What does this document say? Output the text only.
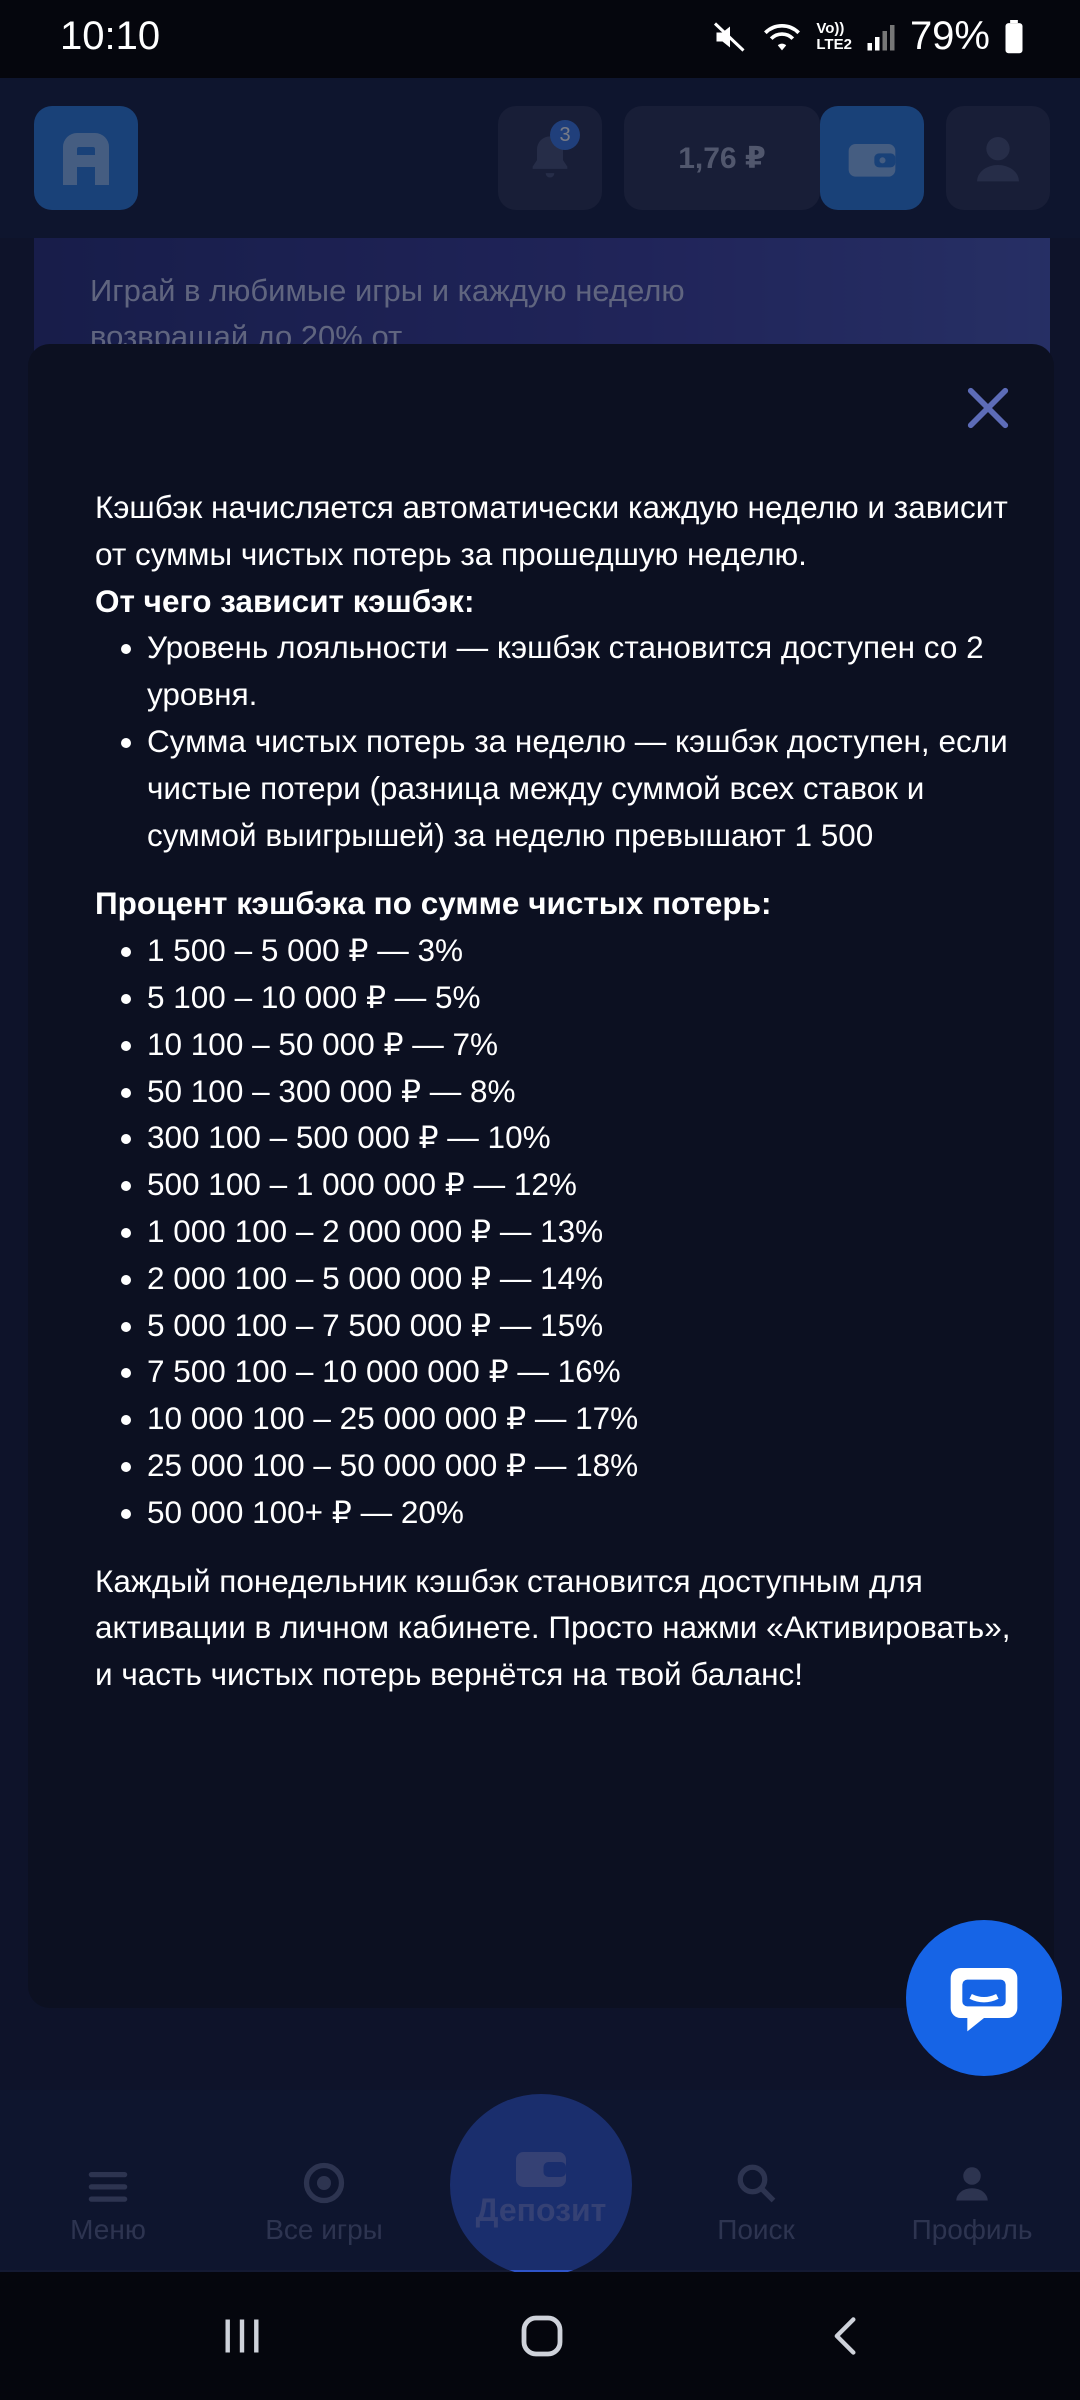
10:10	Vo))
LTE2 79%

Кэшбэк начисляется автоматически каждую неделю и зависит от суммы чистых потерь за прошедшую неделю.

От чего зависит кэшбэк:

• Уровень лояльности — кэшбэк становится доступен со 2 уровня.
• Сумма чистых потерь за неделю — кэшбэк доступен, если чистые потери (разница между суммой всех ставок и суммой выигрышей) за неделю превышают 1 500

Процент кэшбэка по сумме чистых потерь:

• 1 500 – 5 000 ₽ — 3%
• 5 100 – 10 000 ₽ — 5%
• 10 100 – 50 000 ₽ — 7%
• 50 100 – 300 000 ₽ — 8%
• 300 100 – 500 000 ₽ — 10%
• 500 100 – 1 000 000 ₽ — 12%
• 1 000 100 – 2 000 000 ₽ — 13%
• 2 000 100 – 5 000 000 ₽ — 14%
• 5 000 100 – 7 500 000 ₽ — 15%
• 7 500 100 – 10 000 000 ₽ — 16%
• 10 000 100 – 25 000 000 ₽ — 17%
• 25 000 100 – 50 000 000 ₽ — 18%
• 50 000 100+ ₽ — 20%

Каждый понедельник кэшбэк становится доступным для активации в личном кабинете. Просто нажми «Активировать», и часть чистых потерь вернётся на твой баланс!
